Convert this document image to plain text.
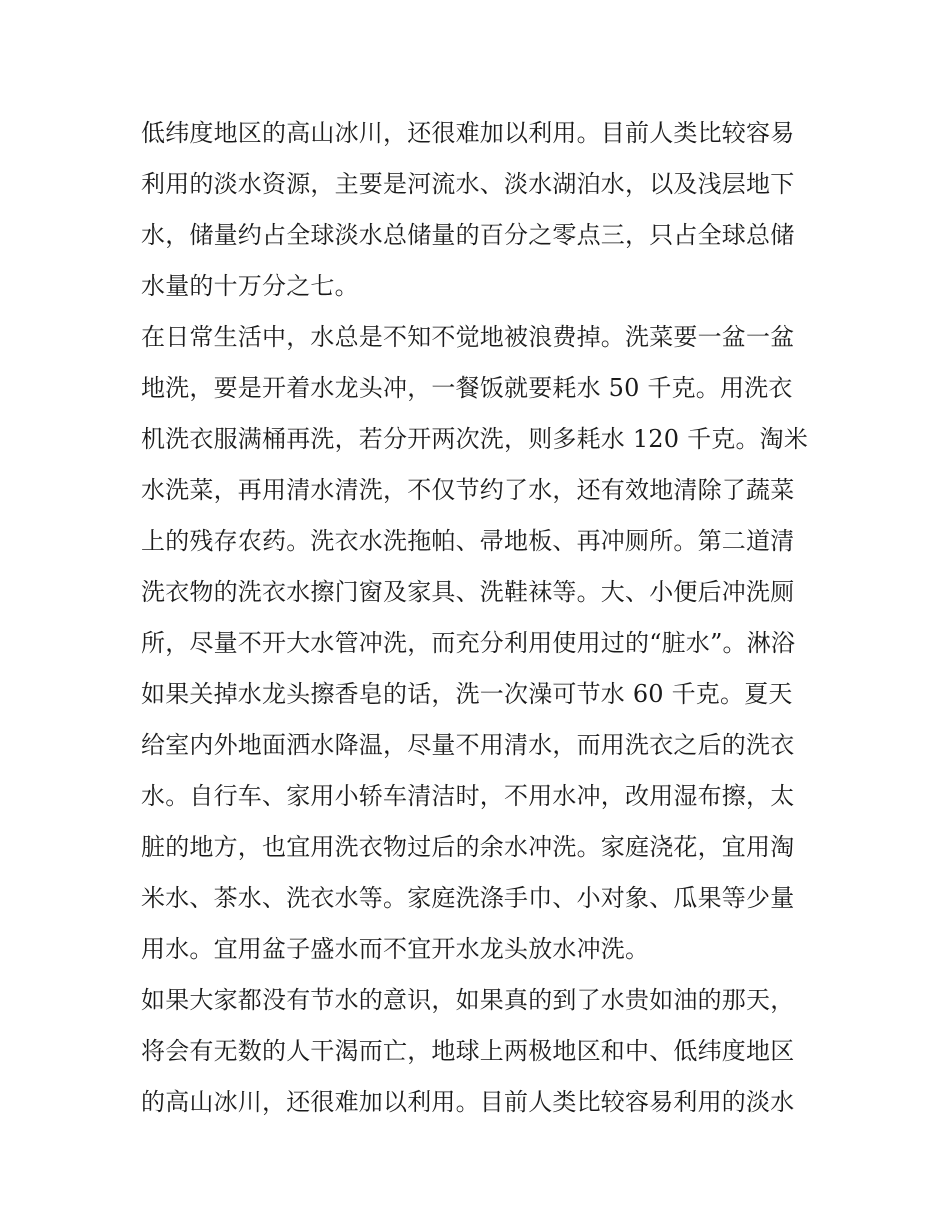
低纬度地区的高山冰川，还很难加以利用。目前人类比较容易
利用的淡水资源，主要是河流水、淡水湖泊水，以及浅层地下
水，储量约占全球淡水总储量的百分之零点三，只占全球总储
水量的十万分之七。
在日常生活中，水总是不知不觉地被浪费掉。洗菜要一盆一盆
地洗，要是开着水龙头冲，一餐饭就要耗水 50 千克。用洗衣
机洗衣服满桶再洗，若分开两次洗，则多耗水 120 千克。淘米
水洗菜，再用清水清洗，不仅节约了水，还有效地清除了蔬菜
上的残存农药。洗衣水洗拖帕、帚地板、再冲厕所。第二道清
洗衣物的洗衣水擦门窗及家具、洗鞋袜等。大、小便后冲洗厕
所，尽量不开大水管冲洗，而充分利用使用过的“脏水”。淋浴
如果关掉水龙头擦香皂的话，洗一次澡可节水 60 千克。夏天
给室内外地面洒水降温，尽量不用清水，而用洗衣之后的洗衣
水。自行车、家用小轿车清洁时，不用水冲，改用湿布擦，太
脏的地方，也宜用洗衣物过后的余水冲洗。家庭浇花，宜用淘
米水、茶水、洗衣水等。家庭洗涤手巾、小对象、瓜果等少量
用水。宜用盆子盛水而不宜开水龙头放水冲洗。
如果大家都没有节水的意识，如果真的到了水贵如油的那天，
将会有无数的人干渴而亡，地球上两极地区和中、低纬度地区
的高山冰川，还很难加以利用。目前人类比较容易利用的淡水
